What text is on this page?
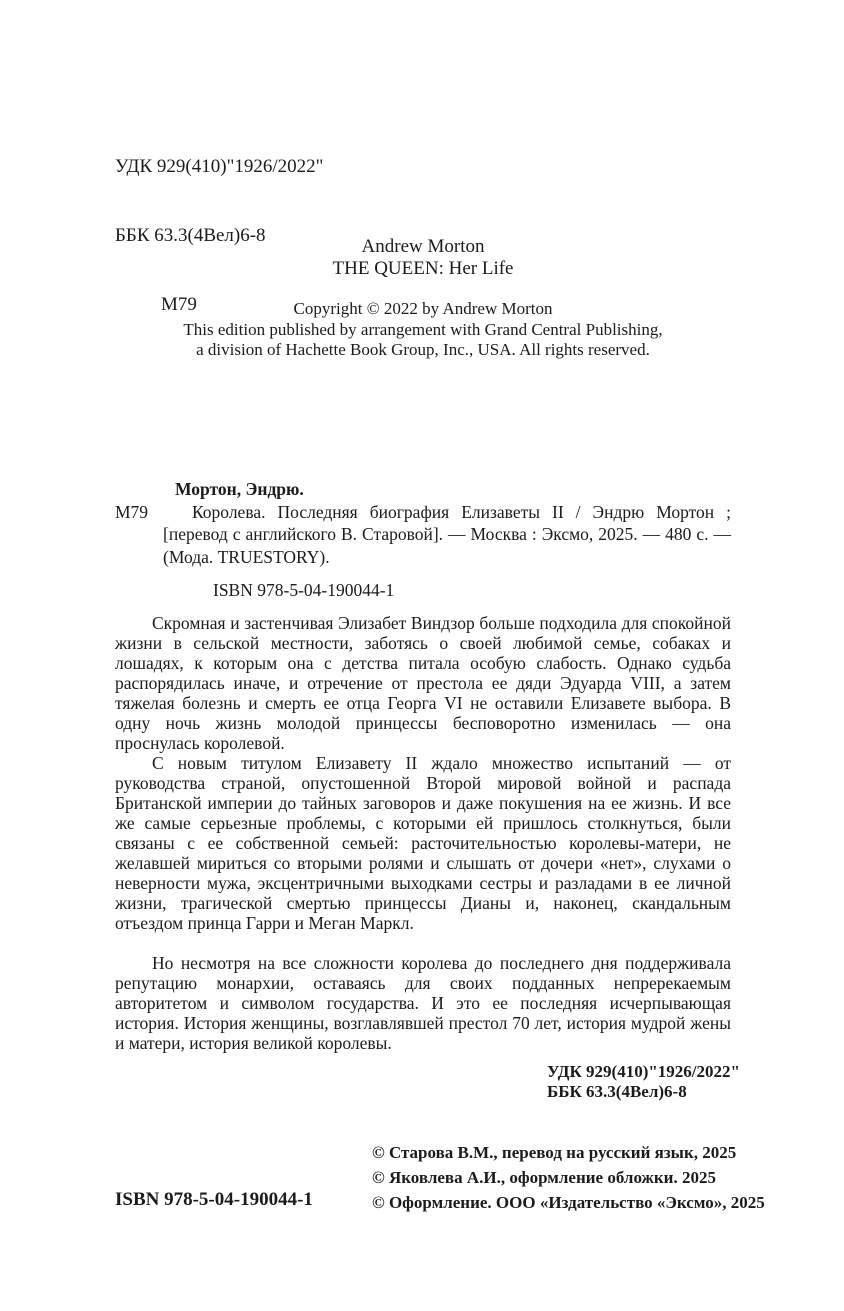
УДК 929(410)"1926/2022"

ББК 63.3(4Вел)6-8

М79

Andrew Morton
THE QUEEN: Her Life
Copyright © 2022 by Andrew Morton
This edition published by arrangement with Grand Central Publishing,
a division of Hachette Book Group, Inc., USA. All rights reserved.
Мортон, Эндрю.
М79	Королева. Последняя биография Елизаветы II / Эндрю Мортон ; [перевод с английского В. Старовой]. — Москва : Эксмо, 2025. — 480 с. — (Мода. TRUESTORY).

ISBN 978-5-04-190044-1

Скромная и застенчивая Элизабет Виндзор больше подходила для спокойной жизни в сельской местности, заботясь о своей любимой семье, собаках и лошадях, к которым она с детства питала особую слабость. Однако судьба распорядилась иначе, и отречение от престола ее дяди Эдуарда VIII, а затем тяжелая болезнь и смерть ее отца Георга VI не оставили Елизавете выбора. В одну ночь жизнь молодой принцессы бесповоротно изменилась — она проснулась королевой.

С новым титулом Елизавету II ждало множество испытаний — от руководства страной, опустошенной Второй мировой войной и распада Британской империи до тайных заговоров и даже покушения на ее жизнь. И все же самые серьезные проблемы, с которыми ей пришлось столкнуться, были связаны с ее собственной семьей: расточительностью королевы-матери, не желавшей мириться со вторыми ролями и слышать от дочери «нет», слухами о неверности мужа, эксцентричными выходками сестры и разладами в ее личной жизни, трагической смертью принцессы Дианы и, наконец, скандальным отъездом принца Гарри и Меган Маркл.

Но несмотря на все сложности королева до последнего дня поддерживала репутацию монархии, оставаясь для своих подданных непререкаемым авторитетом и символом государства. И это ее последняя исчерпывающая история. История женщины, возглавлявшей престол 70 лет, история мудрой жены и матери, история великой королевы.

УДК 929(410)"1926/2022"
ББК 63.3(4Вел)6-8
© Старова В.М., перевод на русский язык, 2025
© Яковлева А.И., оформление обложки. 2025
© Оформление. ООО «Издательство «Эксмо», 2025
ISBN 978-5-04-190044-1
